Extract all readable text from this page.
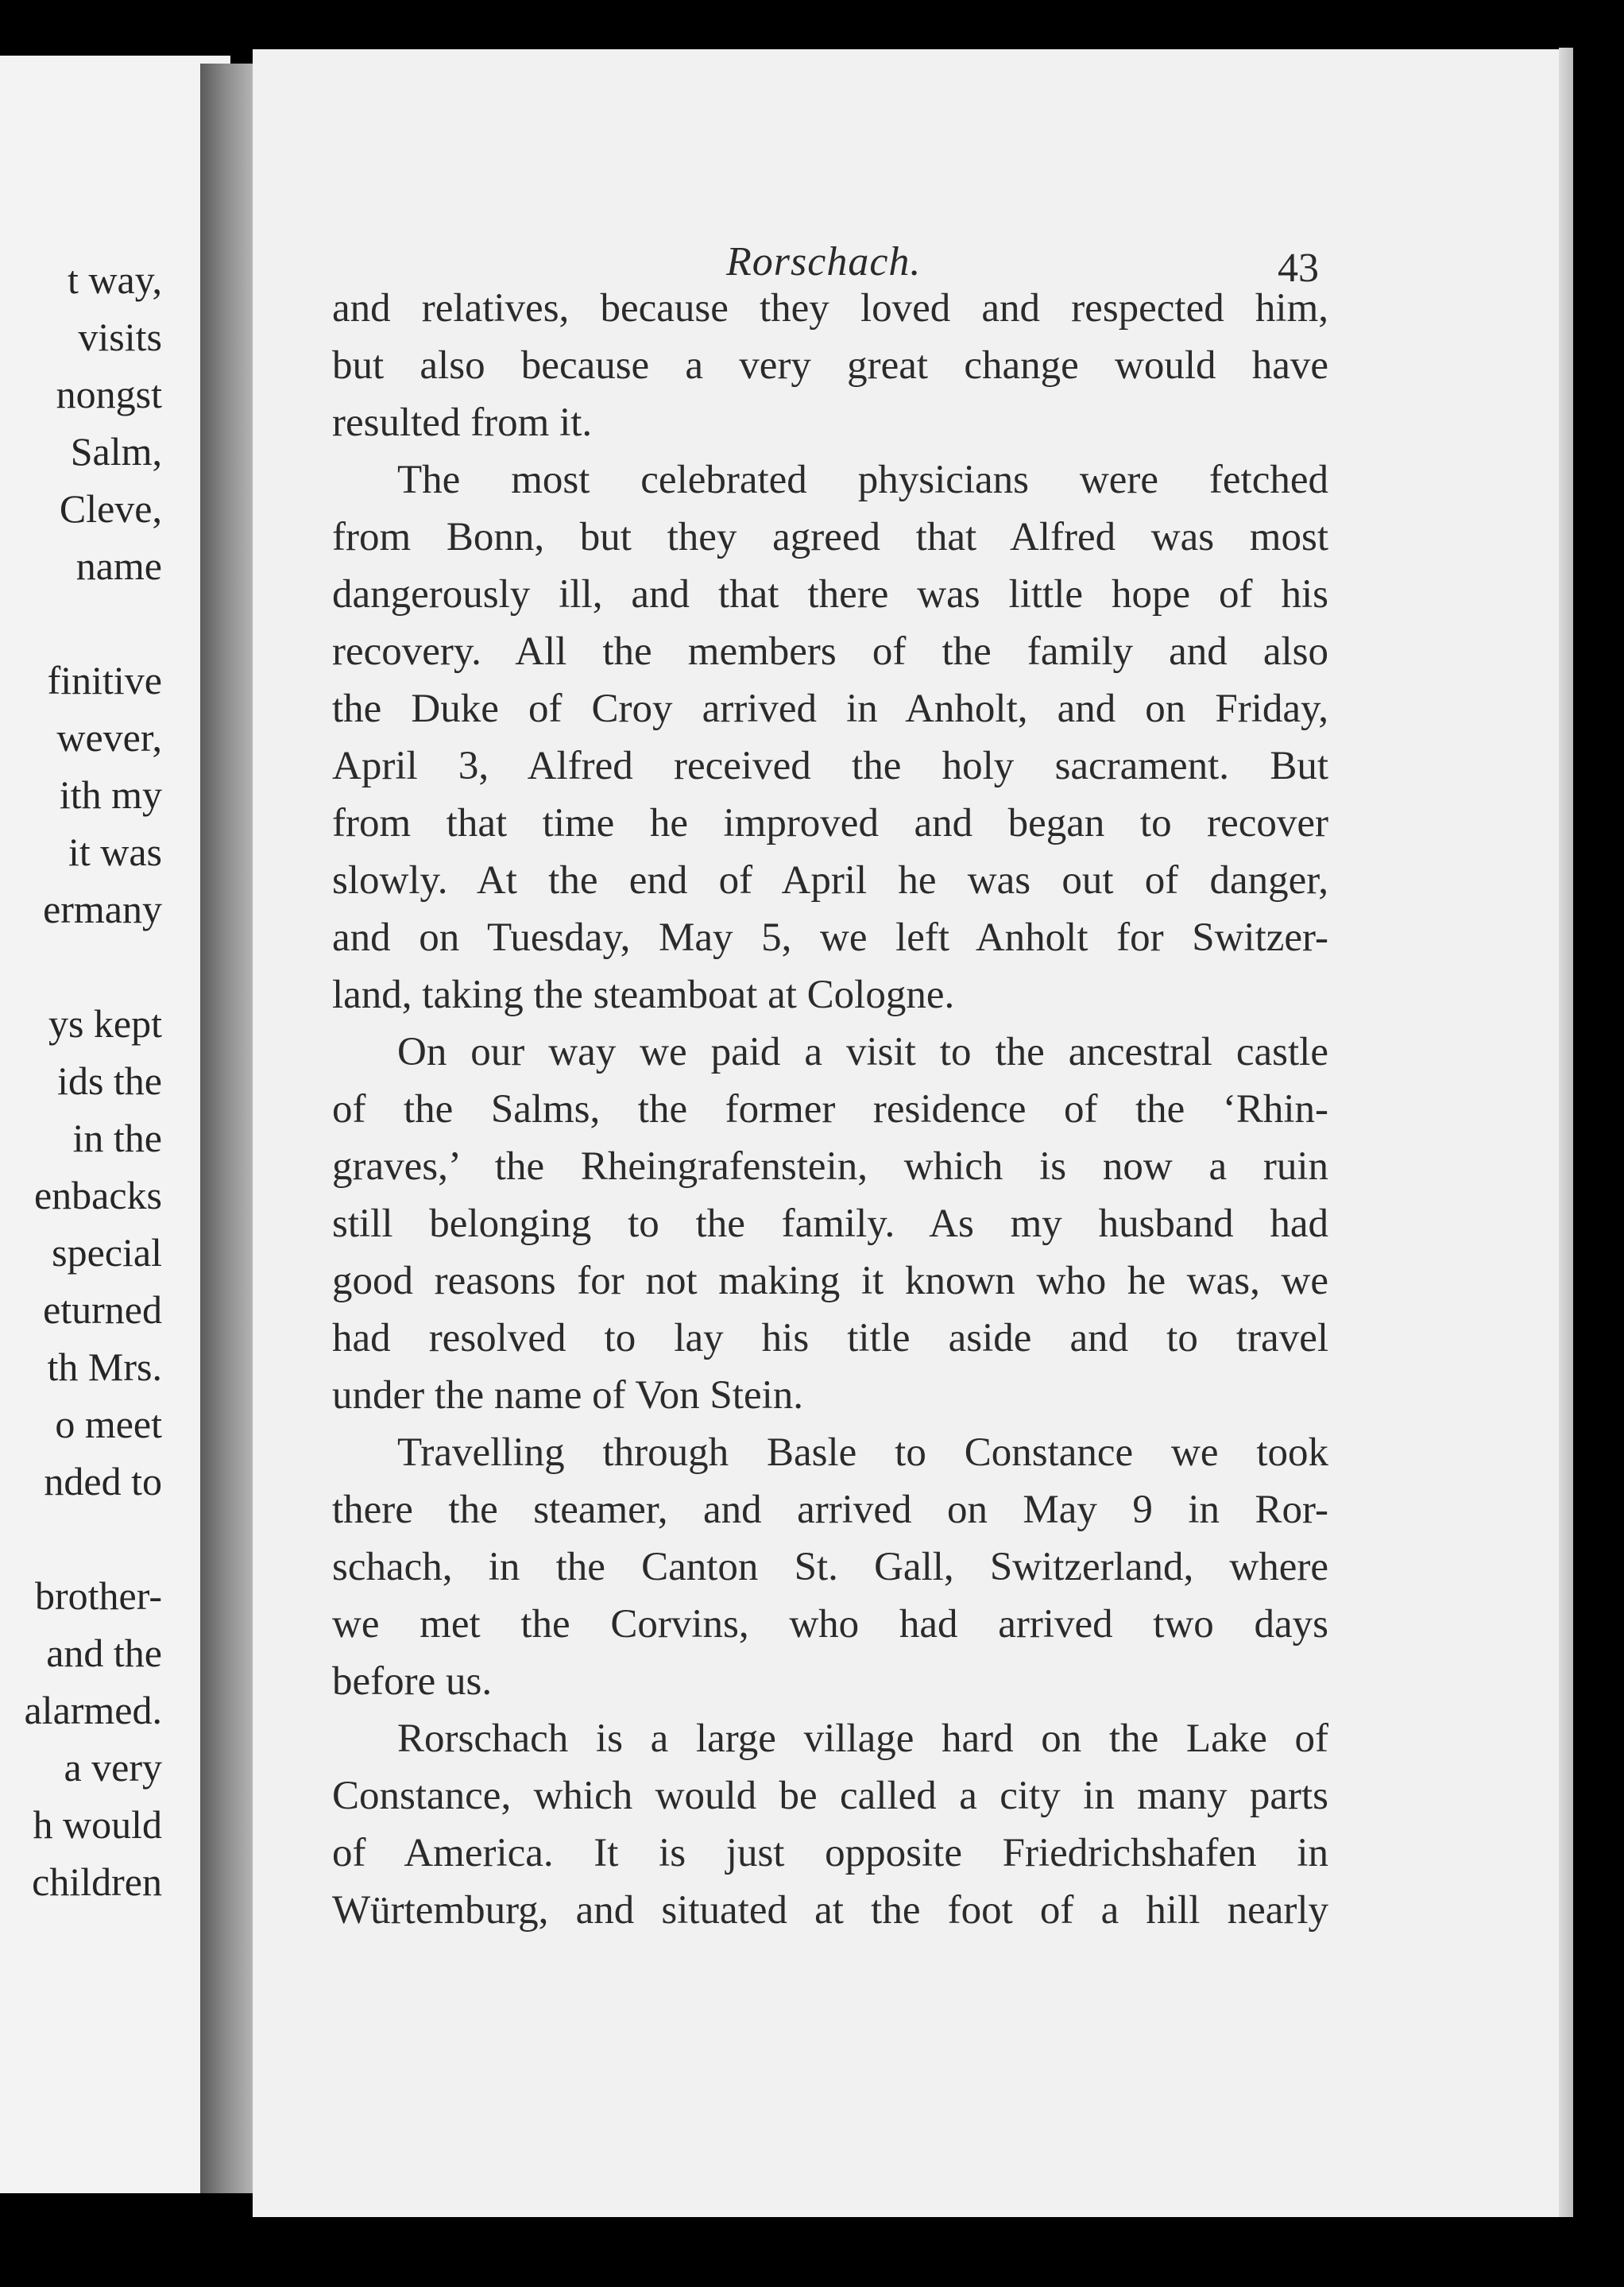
t way,
visits
nongst
Salm,
Cleve,
name
finitive
wever,
ith my
it was
ermany
ys kept
ids the
in the
enbacks
special
eturned
th Mrs.
o meet
nded to
brother-
and the
alarmed.
a very
h would
children
Rorschach.	43
and relatives, because they loved and respected him,
but also because a very great change would have
resulted from it.
The most celebrated physicians were fetched
from Bonn, but they agreed that Alfred was most
dangerously ill, and that there was little hope of his
recovery. All the members of the family and also
the Duke of Croy arrived in Anholt, and on Friday,
April 3, Alfred received the holy sacrament. But
from that time he improved and began to recover
slowly. At the end of April he was out of danger,
and on Tuesday, May 5, we left Anholt for Switzer-
land, taking the steamboat at Cologne.
On our way we paid a visit to the ancestral castle
of the Salms, the former residence of the ‘Rhin-
graves,’ the Rheingrafenstein, which is now a ruin
still belonging to the family. As my husband had
good reasons for not making it known who he was, we
had resolved to lay his title aside and to travel
under the name of Von Stein.
Travelling through Basle to Constance we took
there the steamer, and arrived on May 9 in Ror-
schach, in the Canton St. Gall, Switzerland, where
we met the Corvins, who had arrived two days
before us.
Rorschach is a large village hard on the Lake of
Constance, which would be called a city in many parts
of America. It is just opposite Friedrichshafen in
Würtemburg, and situated at the foot of a hill nearly
